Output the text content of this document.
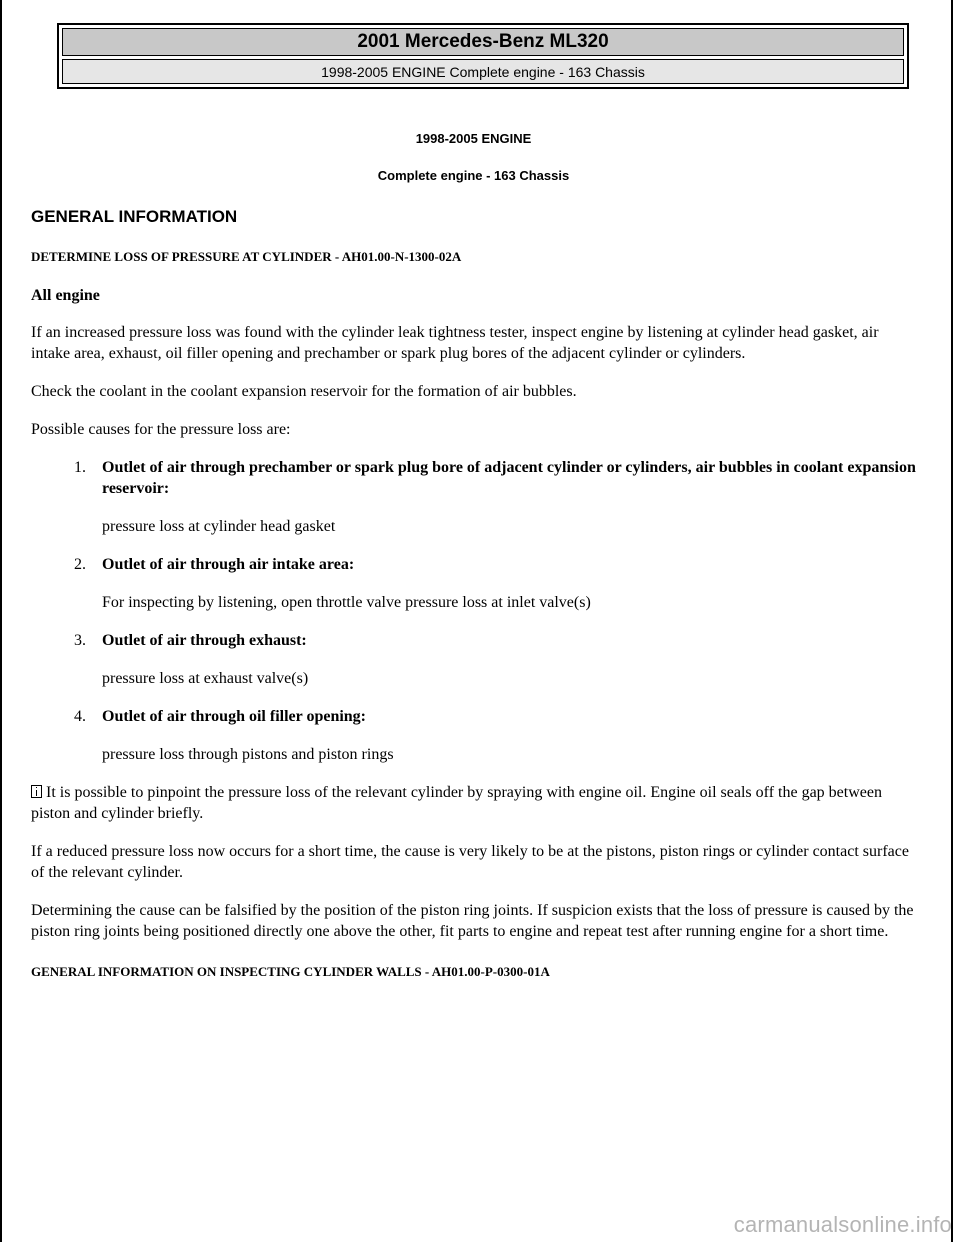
2001 Mercedes-Benz ML320
1998-2005 ENGINE Complete engine - 163 Chassis
1998-2005 ENGINE
Complete engine - 163 Chassis
GENERAL INFORMATION
DETERMINE LOSS OF PRESSURE AT CYLINDER - AH01.00-N-1300-02A
All engine

If an increased pressure loss was found with the cylinder leak tightness tester, inspect engine by listening at cylinder head gasket, air intake area, exhaust, oil filler opening and prechamber or spark plug bores of the adjacent cylinder or cylinders.

Check the coolant in the coolant expansion reservoir for the formation of air bubbles.

Possible causes for the pressure loss are:

1. Outlet of air through prechamber or spark plug bore of adjacent cylinder or cylinders, air bubbles in coolant expansion reservoir:
pressure loss at cylinder head gasket
2. Outlet of air through air intake area:
For inspecting by listening, open throttle valve pressure loss at inlet valve(s)
3. Outlet of air through exhaust:
pressure loss at exhaust valve(s)
4. Outlet of air through oil filler opening:
pressure loss through pistons and piston rings

It is possible to pinpoint the pressure loss of the relevant cylinder by spraying with engine oil. Engine oil seals off the gap between piston and cylinder briefly.

If a reduced pressure loss now occurs for a short time, the cause is very likely to be at the pistons, piston rings or cylinder contact surface of the relevant cylinder.

Determining the cause can be falsified by the position of the piston ring joints. If suspicion exists that the loss of pressure is caused by the piston ring joints being positioned directly one above the other, fit parts to engine and repeat test after running engine for a short time.

GENERAL INFORMATION ON INSPECTING CYLINDER WALLS - AH01.00-P-0300-01A
carmanualsonline.info
